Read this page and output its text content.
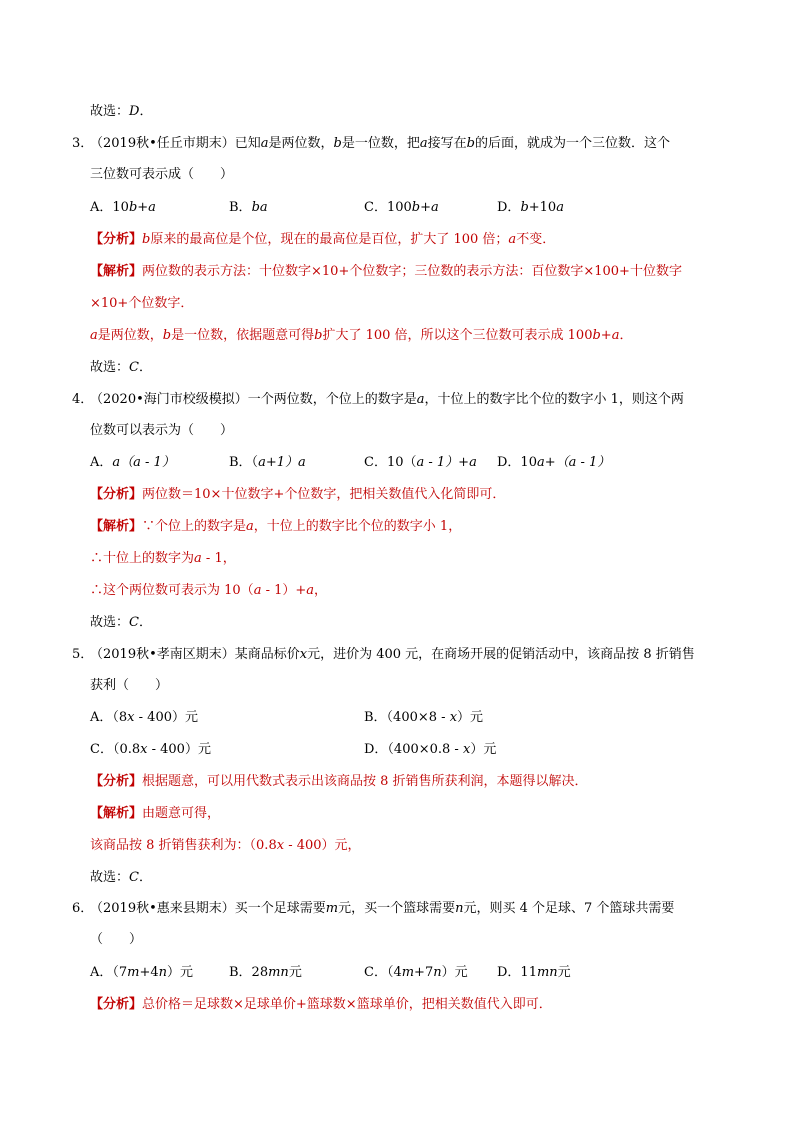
故选：D．
3．
（2019秋•任丘市期末）已知a是两位数，b是一位数，把a接写在b的后面，就成为一个三位数．这个
三位数可表示成（　　）
A．10b+a	B．ba	C．100b+a	D．b+10a
【分析】b原来的最高位是个位，现在的最高位是百位，扩大了 100 倍；a不变．
【解析】两位数的表示方法：十位数字×10+个位数字；三位数的表示方法：百位数字×100+十位数字
×10+个位数字．
a是两位数，b是一位数，依据题意可得b扩大了 100 倍，所以这个三位数可表示成 100b+a．
故选：C．
4．
（2020•海门市校级模拟）一个两位数，个位上的数字是a，十位上的数字比个位的数字小 1，则这个两
位数可以表示为（　　）
A．a（a - 1）	B．（a+1）a	C．10（a - 1）+a D．10a+（a - 1）
【分析】两位数＝10×十位数字+个位数字，把相关数值代入化简即可．
【解析】∵个位上的数字是a，十位上的数字比个位的数字小 1，
∴十位上的数字为a - 1，
∴这个两位数可表示为 10（a - 1）+a，
故选：C．
5．
（2019秋•孝南区期末）某商品标价x元，进价为 400 元，在商场开展的促销活动中，该商品按 8 折销售
获利（　　）
A．（8x - 400）元	B．（400×8 - x）元
C．（0.8x - 400）元	D．（400×0.8 - x）元
【分析】根据题意，可以用代数式表示出该商品按 8 折销售所获利润，本题得以解决．
【解析】由题意可得，
该商品按 8 折销售获利为：（0.8x - 400）元，
故选：C．
6．
（2019秋•惠来县期末）买一个足球需要m元，买一个篮球需要n元，则买 4 个足球、7 个篮球共需要
（　　）
A．（7m+4n）元	B．28mn元	C．（4m+7n）元 D．11mn元
【分析】总价格＝足球数×足球单价+篮球数×篮球单价，把相关数值代入即可．
